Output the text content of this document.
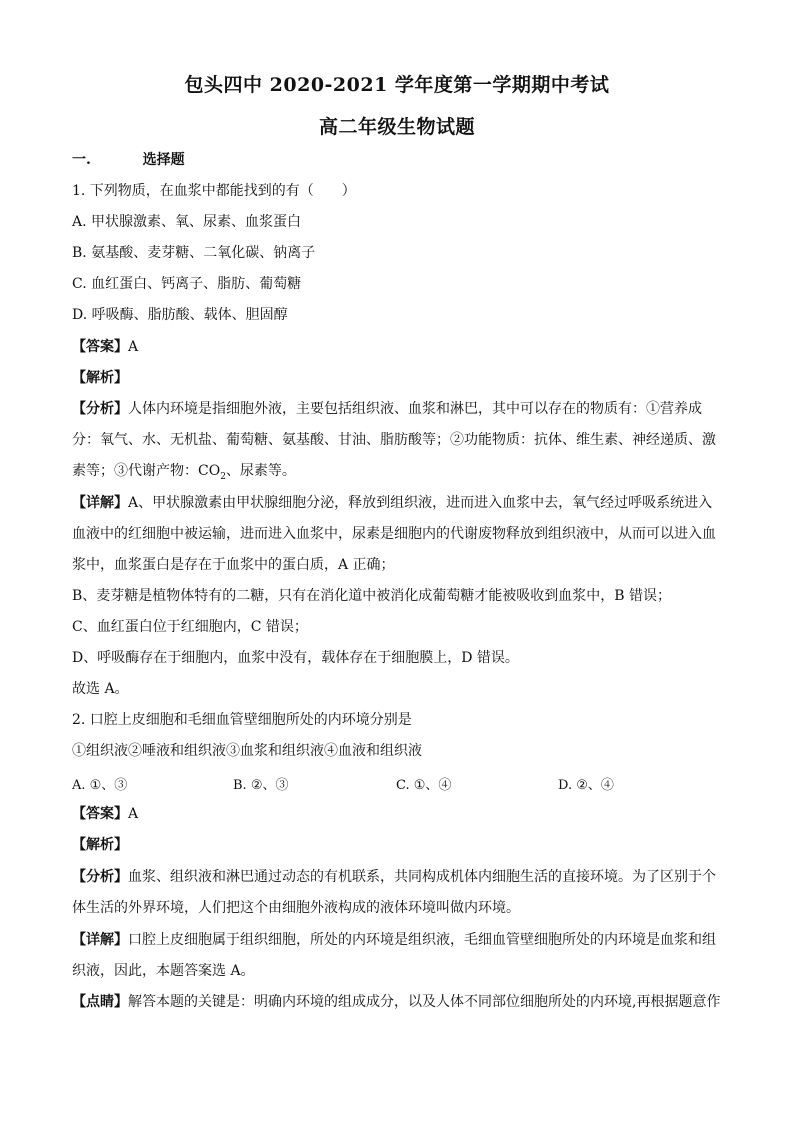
包头四中 2020-2021 学年度第一学期期中考试
高二年级生物试题
一.	选择题
1. 下列物质，在血浆中都能找到的有（　　）
A. 甲状腺激素、氧、尿素、血浆蛋白
B. 氨基酸、麦芽糖、二氧化碳、钠离子
C. 血红蛋白、钙离子、脂肪、葡萄糖
D. 呼吸酶、脂肪酸、载体、胆固醇
【答案】A
【解析】
【分析】人体内环境是指细胞外液，主要包括组织液、血浆和淋巴，其中可以存在的物质有：①营养成
分：氧气、水、无机盐、葡萄糖、氨基酸、甘油、脂肪酸等；②功能物质：抗体、维生素、神经递质、激
素等；③代谢产物：$CO_2$、尿素等。
【详解】A、甲状腺激素由甲状腺细胞分泌，释放到组织液，进而进入血浆中去，氧气经过呼吸系统进入
血液中的红细胞中被运输，进而进入血浆中，尿素是细胞内的代谢废物释放到组织液中，从而可以进入血
浆中，血浆蛋白是存在于血浆中的蛋白质，A 正确；
B、麦芽糖是植物体特有的二糖，只有在消化道中被消化成葡萄糖才能被吸收到血浆中，B 错误；
C、血红蛋白位于红细胞内，C 错误；
D、呼吸酶存在于细胞内，血浆中没有，载体存在于细胞膜上，D 错误。
故选 A。
2. 口腔上皮细胞和毛细血管壁细胞所处的内环境分别是
①组织液②唾液和组织液③血浆和组织液④血液和组织液
A. ①、③	B. ②、③	C. ①、④	D. ②、④
【答案】A
【解析】
【分析】血浆、组织液和淋巴通过动态的有机联系，共同构成机体内细胞生活的直接环境。为了区别于个
体生活的外界环境，人们把这个由细胞外液构成的液体环境叫做内环境。
【详解】口腔上皮细胞属于组织细胞，所处的内环境是组织液，毛细血管壁细胞所处的内环境是血浆和组
织液，因此，本题答案选 A。
【点睛】解答本题的关键是：明确内环境的组成成分，以及人体不同部位细胞所处的内环境,再根据题意作
